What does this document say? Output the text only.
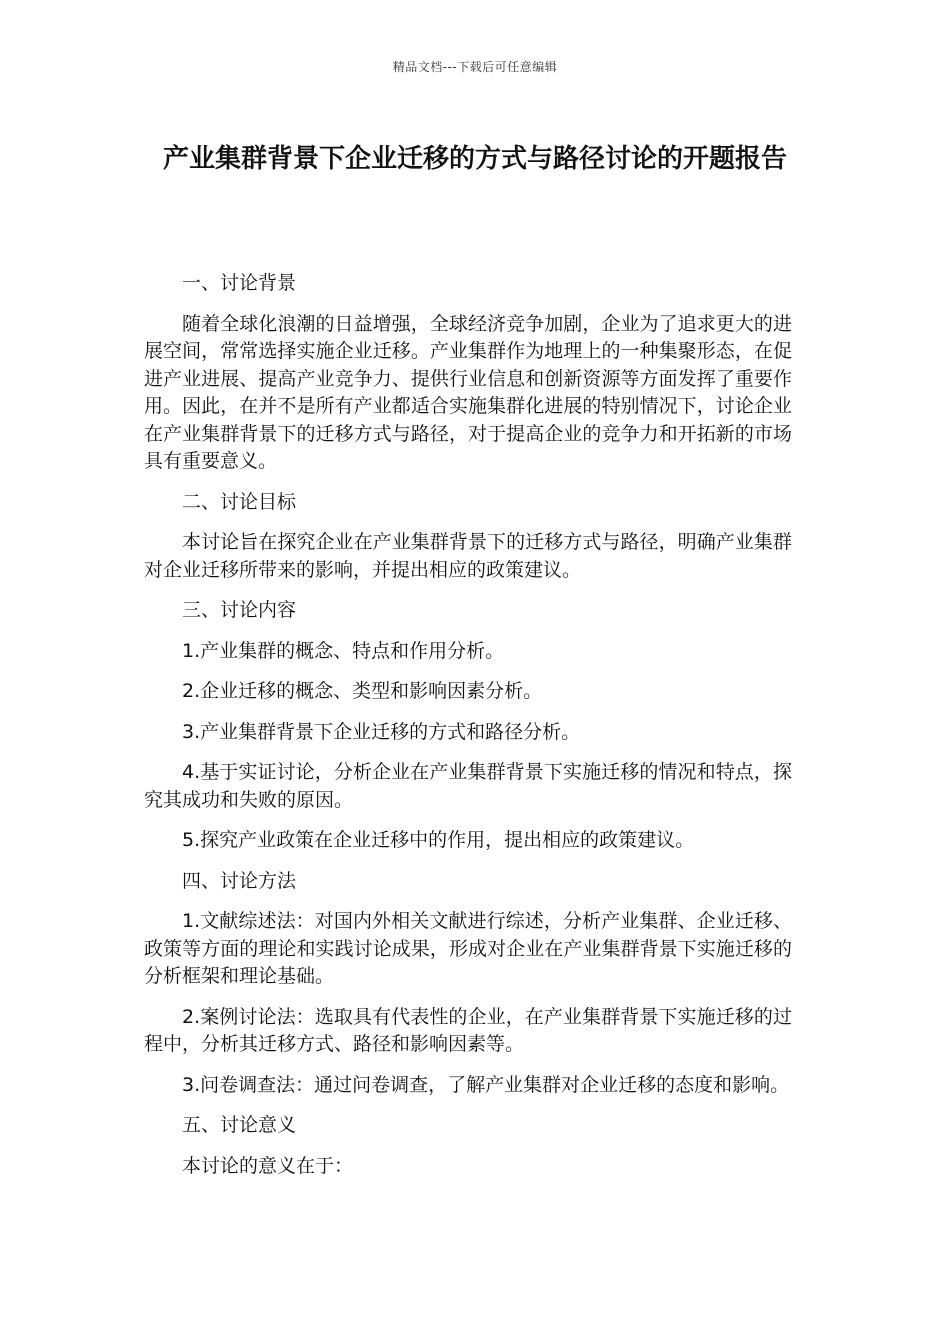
精品文档---下载后可任意编辑
产业集群背景下企业迁移的方式与路径讨论的开题报告

一、讨论背景

随着全球化浪潮的日益增强，全球经济竞争加剧，企业为了追求更大的进展空间，常常选择实施企业迁移。产业集群作为地理上的一种集聚形态，在促进产业进展、提高产业竞争力、提供行业信息和创新资源等方面发挥了重要作用。因此，在并不是所有产业都适合实施集群化进展的特别情况下，讨论企业在产业集群背景下的迁移方式与路径，对于提高企业的竞争力和开拓新的市场具有重要意义。

二、讨论目标

本讨论旨在探究企业在产业集群背景下的迁移方式与路径，明确产业集群对企业迁移所带来的影响，并提出相应的政策建议。

三、讨论内容

1.产业集群的概念、特点和作用分析。

2.企业迁移的概念、类型和影响因素分析。

3.产业集群背景下企业迁移的方式和路径分析。

4.基于实证讨论，分析企业在产业集群背景下实施迁移的情况和特点，探究其成功和失败的原因。

5.探究产业政策在企业迁移中的作用，提出相应的政策建议。

四、讨论方法

1.文献综述法：对国内外相关文献进行综述，分析产业集群、企业迁移、政策等方面的理论和实践讨论成果，形成对企业在产业集群背景下实施迁移的分析框架和理论基础。

2.案例讨论法：选取具有代表性的企业，在产业集群背景下实施迁移的过程中，分析其迁移方式、路径和影响因素等。

3.问卷调查法：通过问卷调查，了解产业集群对企业迁移的态度和影响。

五、讨论意义

本讨论的意义在于：
